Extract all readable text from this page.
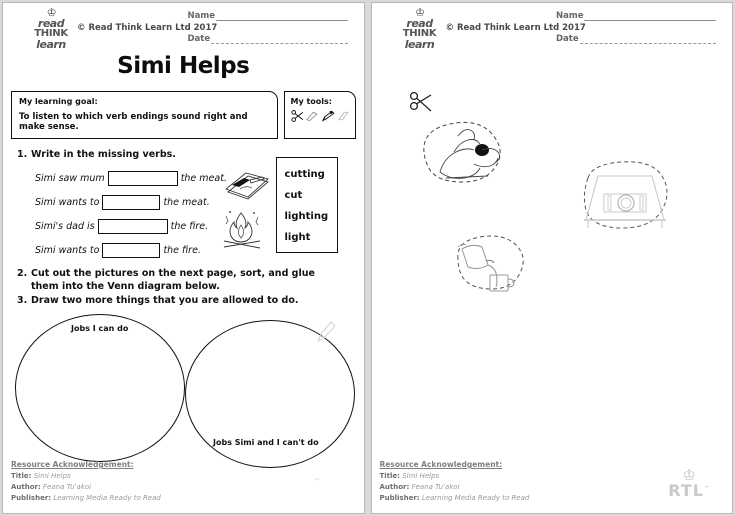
♔
read
THINK
learn
© Read Think Learn Ltd 2017
Name
Date
Simi Helps
My learning goal:
To listen to which verb endings sound right and make sense.
My tools:
1. Write in the missing verbs.
Simi saw mum	the meat.
Simi wants to	the meat.
Simi's dad is	the fire.
Simi wants to	the fire.
cutting
cut
lighting
light
2. Cut out the pictures on the next page, sort, and glue
them into the Venn diagram below.
3. Draw two more things that you are allowed to do.
Jobs I can do
Jobs Simi and I can't do
Resource Acknowledgement:
Title: Simi Helps
Author: Feana Tu'akoi
Publisher: Learning Media Ready to Read
™
♔
read
THINK
learn
© Read Think Learn Ltd 2017
Name
Date
Resource Acknowledgement:
Title: Simi Helps
Author: Feana Tu'akoi
Publisher: Learning Media Ready to Read
♔
RTL™
